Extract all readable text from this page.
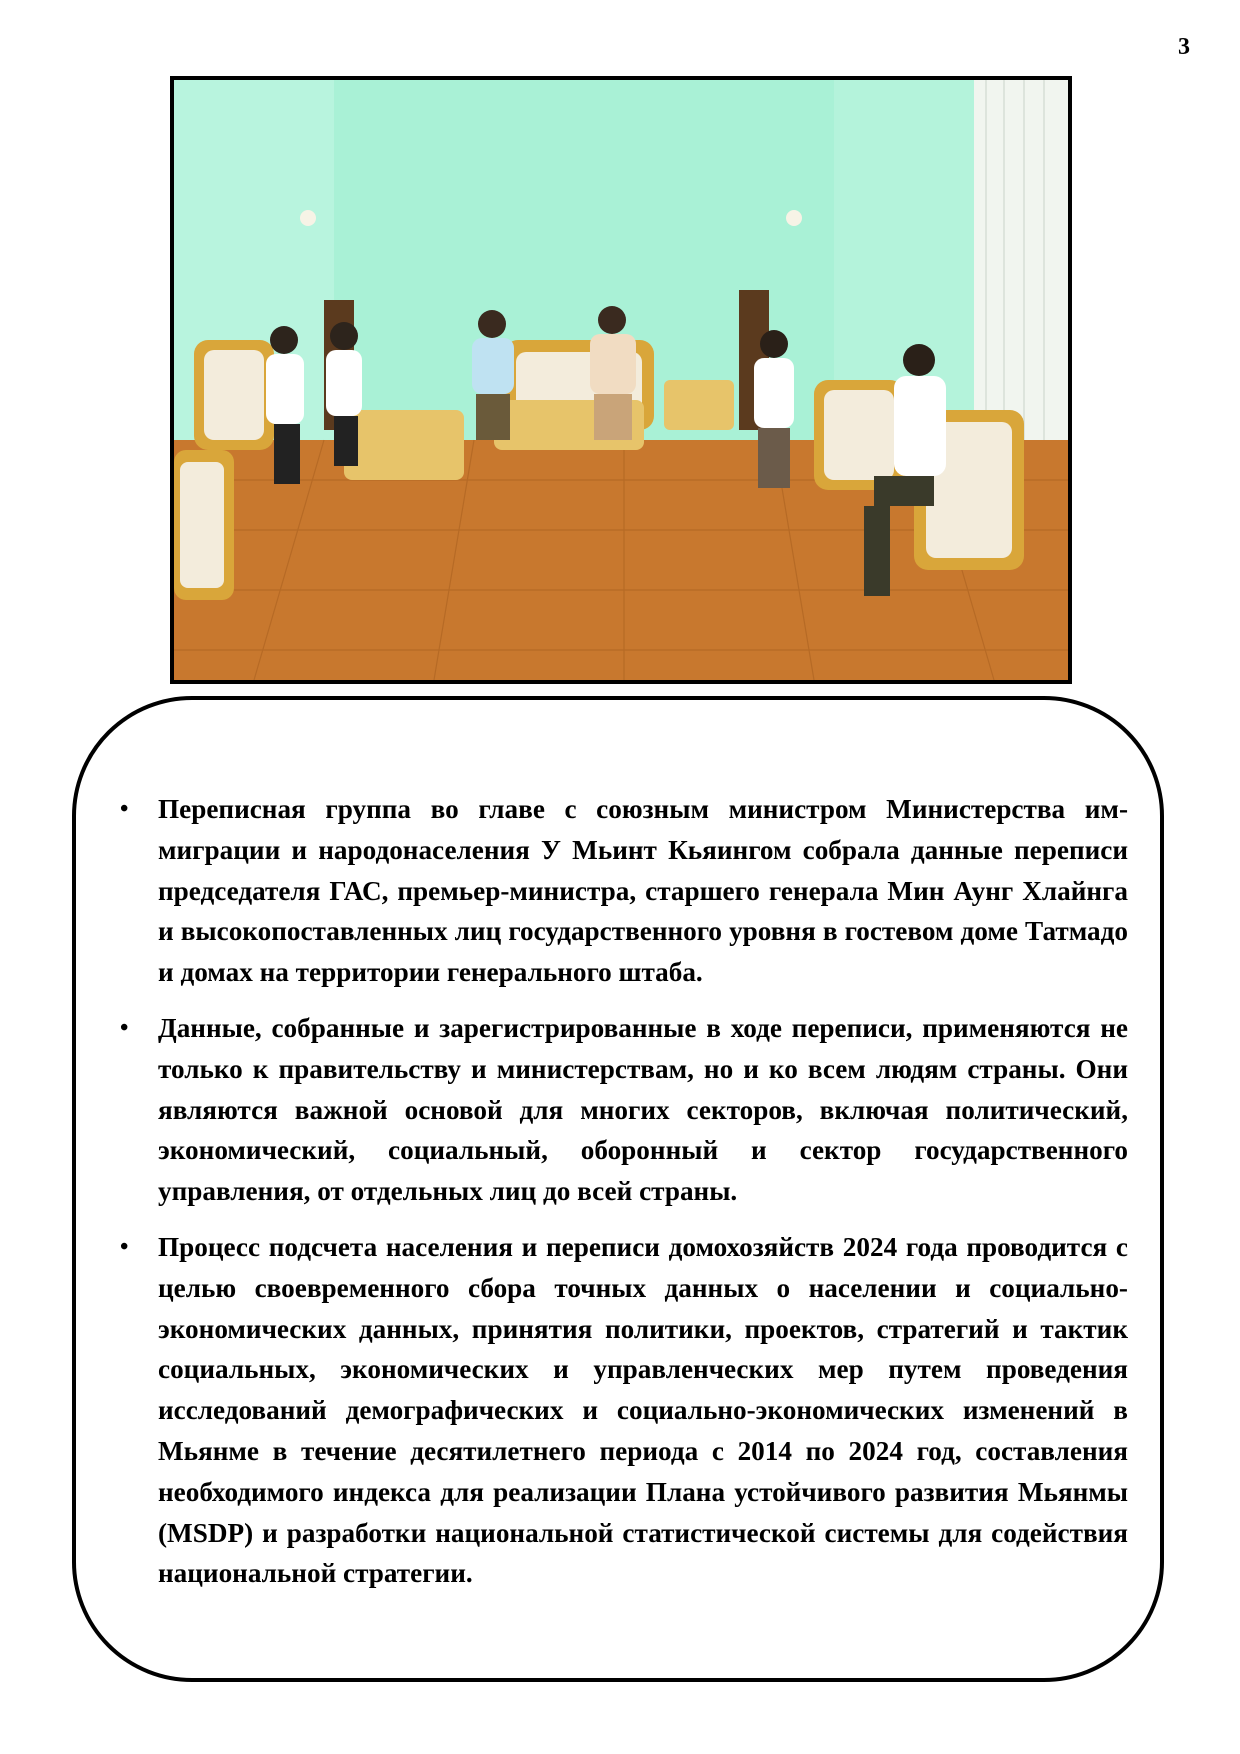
3
• Переписная группа во главе с союзным министром Министерства иммиграции и народонаселения У Мьинт Кьяингом собрала данные переписи председателя ГАС, премьер-министра, старшего генерала Мин Аунг Хлайнга и высокопоставленных лиц государственного уровня в гостевом доме Татмадо и домах на территории генерального штаба.
• Данные, собранные и зарегистрированные в ходе переписи, применяются не только к правительству и министерствам, но и ко всем людям страны. Они являются важной основой для многих секторов, включая политический, экономический, социальный, оборонный и сектор государственного управления, от отдельных лиц до всей страны.
• Процесс подсчета населения и переписи домохозяйств 2024 года проводится с целью своевременного сбора точных данных о населении и социально-экономических данных, принятия политики, проектов, стратегий и тактик социальных, экономических и управленческих мер путем проведения исследований демографических и социально-экономических изменений в Мьянме в течение десятилетнего периода с 2014 по 2024 год, составления необходимого индекса для реализации Плана устойчивого развития Мьянмы (MSDP) и разработки национальной статистической системы для содействия национальной стратегии.
